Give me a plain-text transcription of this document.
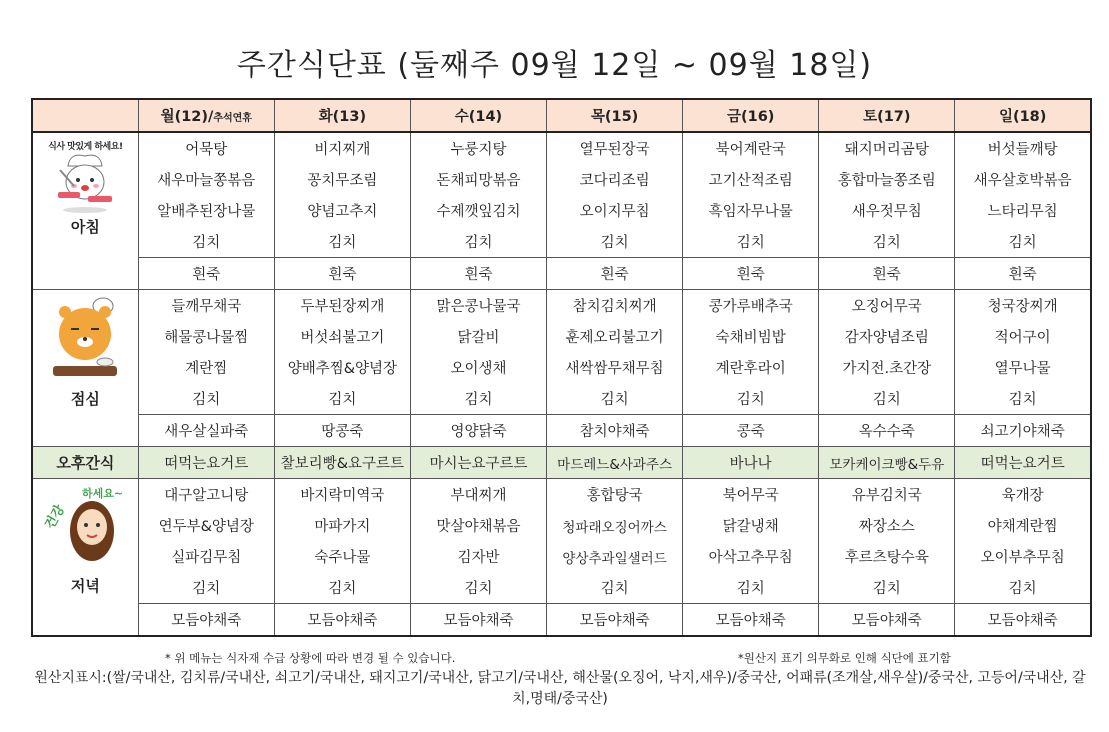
주간식단표 (둘째주 09월 12일 ~ 09월 18일)
	월(12)/추석연휴	화(13)	수(14)	목(15)	금(16)	토(17)	일(18)

식사 맛있게 하세요!
아침	어묵탕	비지찌개	누룽지탕	열무된장국	북어계란국	돼지머리곰탕	버섯들깨탕
	새우마늘쫑볶음	꽁치무조림	돈채피망볶음	코다리조림	고기산적조림	홍합마늘쫑조림	새우살호박볶음
	알배추된장나물	양념고추지	수제깻잎김치	오이지무침	흑임자무나물	새우젓무침	느타리무침
	김치	김치	김치	김치	김치	김치	김치
	흰죽	흰죽	흰죽	흰죽	흰죽	흰죽	흰죽

점심	들깨무채국	두부된장찌개	맑은콩나물국	참치김치찌개	콩가루배추국	오징어무국	청국장찌개
	해물콩나물찜	버섯쇠불고기	닭갈비	훈제오리불고기	숙채비빔밥	감자양념조림	적어구이
	계란찜	양배추찜&양념장	오이생채	새싹쌈무채무침	계란후라이	가지전.초간장	열무나물
	김치	김치	김치	김치	김치	김치	김치
	새우살실파죽	땅콩죽	영양닭죽	참치야채죽	콩죽	옥수수죽	쇠고기야채죽
오후간식	떠먹는요거트	찰보리빵&요구르트	마시는요구르트	마드레느&사과주스	바나나	모카케이크빵&두유	떠먹는요거트

건강
하세요~
저녁	대구알고니탕	바지락미역국	부대찌개	홍합탕국	북어무국	유부김치국	육개장
	연두부&양념장	마파가지	맛살야채볶음	청파래오징어까스	닭갈냉채	짜장소스	야채계란찜
	실파김무침	숙주나물	김자반	양상추과일샐러드	아삭고추무침	후르츠탕수육	오이부추무침
	김치	김치	김치	김치	김치	김치	김치
	모듬야채죽	모듬야채죽	모듬야채죽	모듬야채죽	모듬야채죽	모듬야채죽	모듬야채죽
* 위 메뉴는 식자재 수급 상황에 따라 변경 될 수 있습니다.	*원산지 표기 의무화로 인해 식단에 표기함
원산지표시:(쌀/국내산, 김치류/국내산, 쇠고기/국내산, 돼지고기/국내산, 닭고기/국내산, 해산물(오징어, 낙지,새우)/중국산, 어패류(조개살,새우살)/중국산, 고등어/국내산, 갈치,명태/중국산)
